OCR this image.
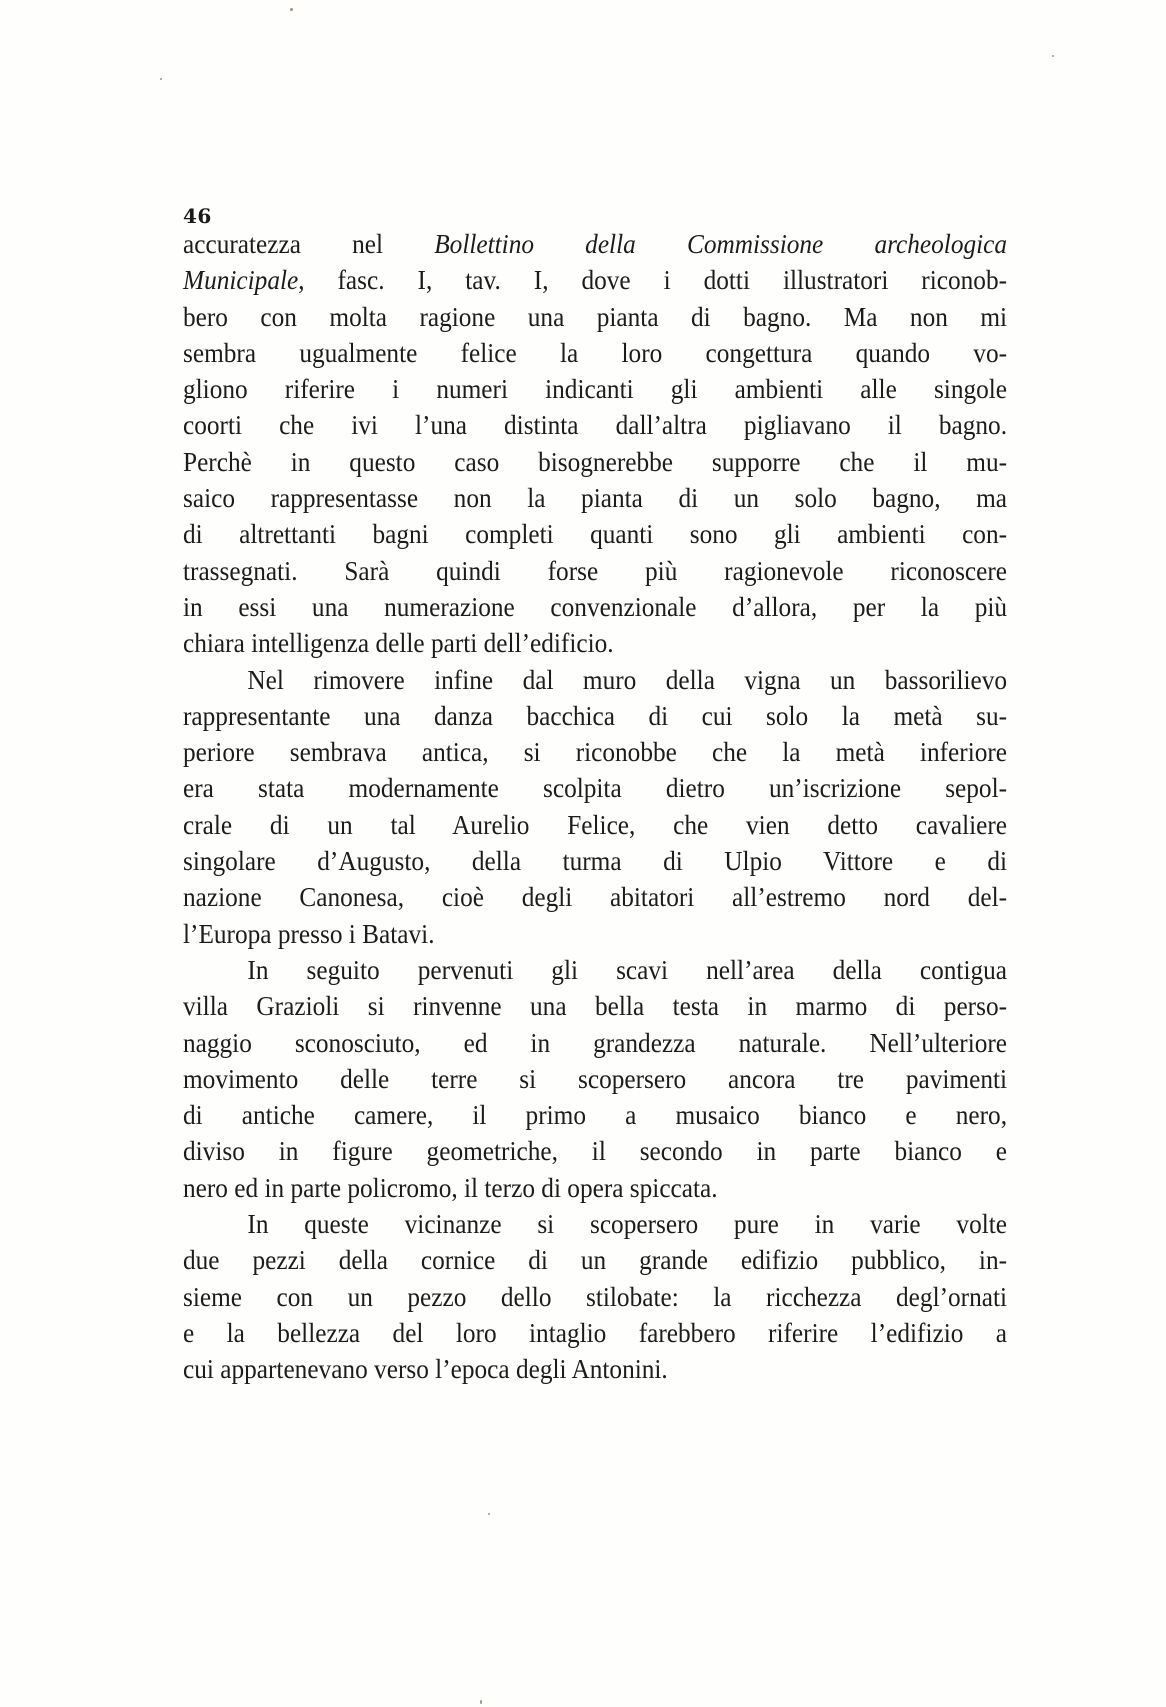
46
accuratezza nel Bollettino della Commissione archeologica
Municipale, fasc. I, tav. I, dove i dotti illustratori riconob-
bero con molta ragione una pianta di bagno. Ma non mi
sembra ugualmente felice la loro congettura quando vo-
gliono riferire i numeri indicanti gli ambienti alle singole
coorti che ivi l’una distinta dall’altra pigliavano il bagno.
Perchè in questo caso bisognerebbe supporre che il mu-
saico rappresentasse non la pianta di un solo bagno, ma
di altrettanti bagni completi quanti sono gli ambienti con-
trassegnati. Sarà quindi forse più ragionevole riconoscere
in essi una numerazione convenzionale d’allora, per la più
chiara intelligenza delle parti dell’edificio.
Nel rimovere infine dal muro della vigna un bassorilievo
rappresentante una danza bacchica di cui solo la metà su-
periore sembrava antica, si riconobbe che la metà inferiore
era stata modernamente scolpita dietro un’iscrizione sepol-
crale di un tal Aurelio Felice, che vien detto cavaliere
singolare d’Augusto, della turma di Ulpio Vittore e di
nazione Canonesa, cioè degli abitatori all’estremo nord del-
l’Europa presso i Batavi.
In seguito pervenuti gli scavi nell’area della contigua
villa Grazioli si rinvenne una bella testa in marmo di perso-
naggio sconosciuto, ed in grandezza naturale. Nell’ulteriore
movimento delle terre si scopersero ancora tre pavimenti
di antiche camere, il primo a musaico bianco e nero,
diviso in figure geometriche, il secondo in parte bianco e
nero ed in parte policromo, il terzo di opera spiccata.
In queste vicinanze si scopersero pure in varie volte
due pezzi della cornice di un grande edifizio pubblico, in-
sieme con un pezzo dello stilobate: la ricchezza degl’ornati
e la bellezza del loro intaglio farebbero riferire l’edifizio a
cui appartenevano verso l’epoca degli Antonini.
